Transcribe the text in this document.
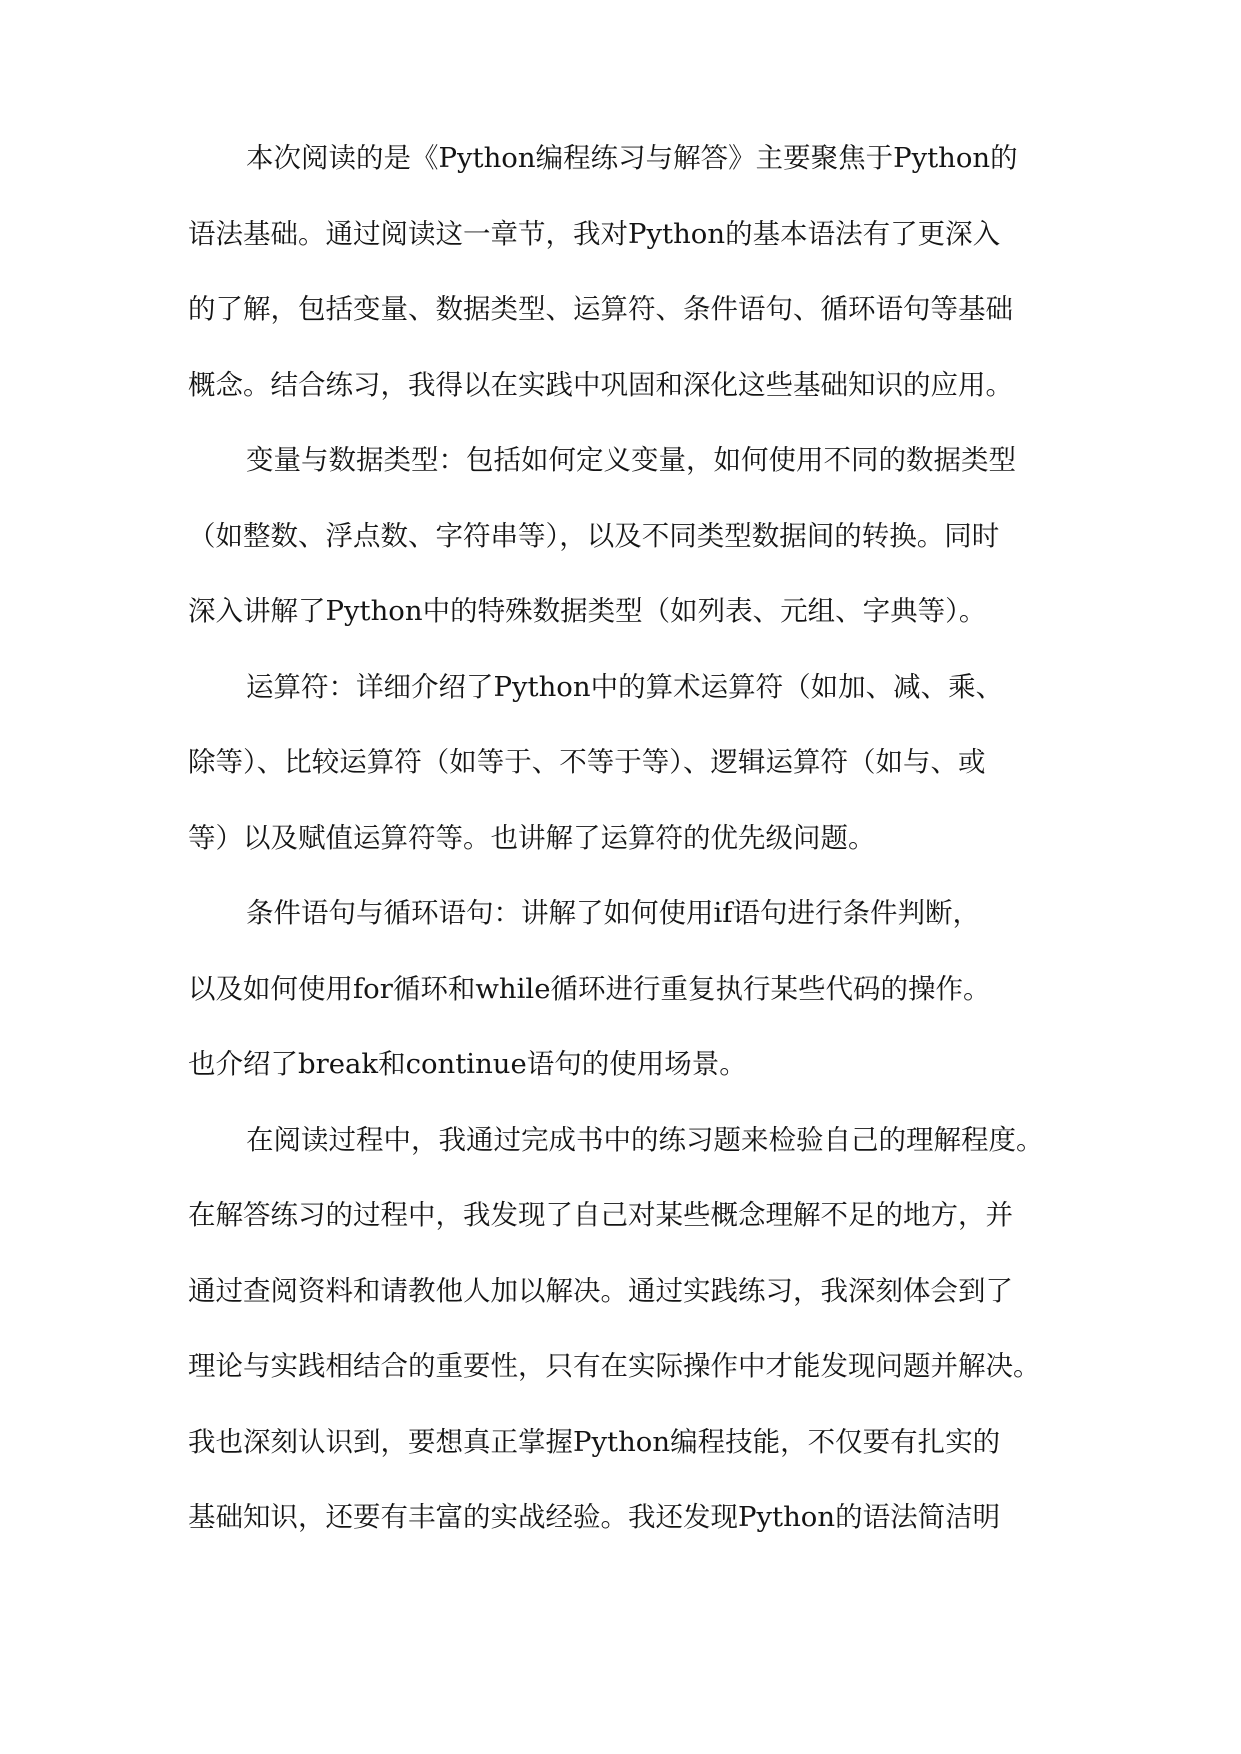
本次阅读的是《Python编程练习与解答》主要聚焦于Python的
语法基础。通过阅读这一章节，我对Python的基本语法有了更深入
的了解，包括变量、数据类型、运算符、条件语句、循环语句等基础
概念。结合练习，我得以在实践中巩固和深化这些基础知识的应用。
变量与数据类型：包括如何定义变量，如何使用不同的数据类型
（如整数、浮点数、字符串等），以及不同类型数据间的转换。同时
深入讲解了Python中的特殊数据类型（如列表、元组、字典等）。
运算符：详细介绍了Python中的算术运算符（如加、减、乘、
除等）、比较运算符（如等于、不等于等）、逻辑运算符（如与、或
等）以及赋值运算符等。也讲解了运算符的优先级问题。
条件语句与循环语句：讲解了如何使用if语句进行条件判断，
以及如何使用for循环和while循环进行重复执行某些代码的操作。
也介绍了break和continue语句的使用场景。
在阅读过程中，我通过完成书中的练习题来检验自己的理解程度。
在解答练习的过程中，我发现了自己对某些概念理解不足的地方，并
通过查阅资料和请教他人加以解决。通过实践练习，我深刻体会到了
理论与实践相结合的重要性，只有在实际操作中才能发现问题并解决。
我也深刻认识到，要想真正掌握Python编程技能，不仅要有扎实的
基础知识，还要有丰富的实战经验。我还发现Python的语法简洁明
